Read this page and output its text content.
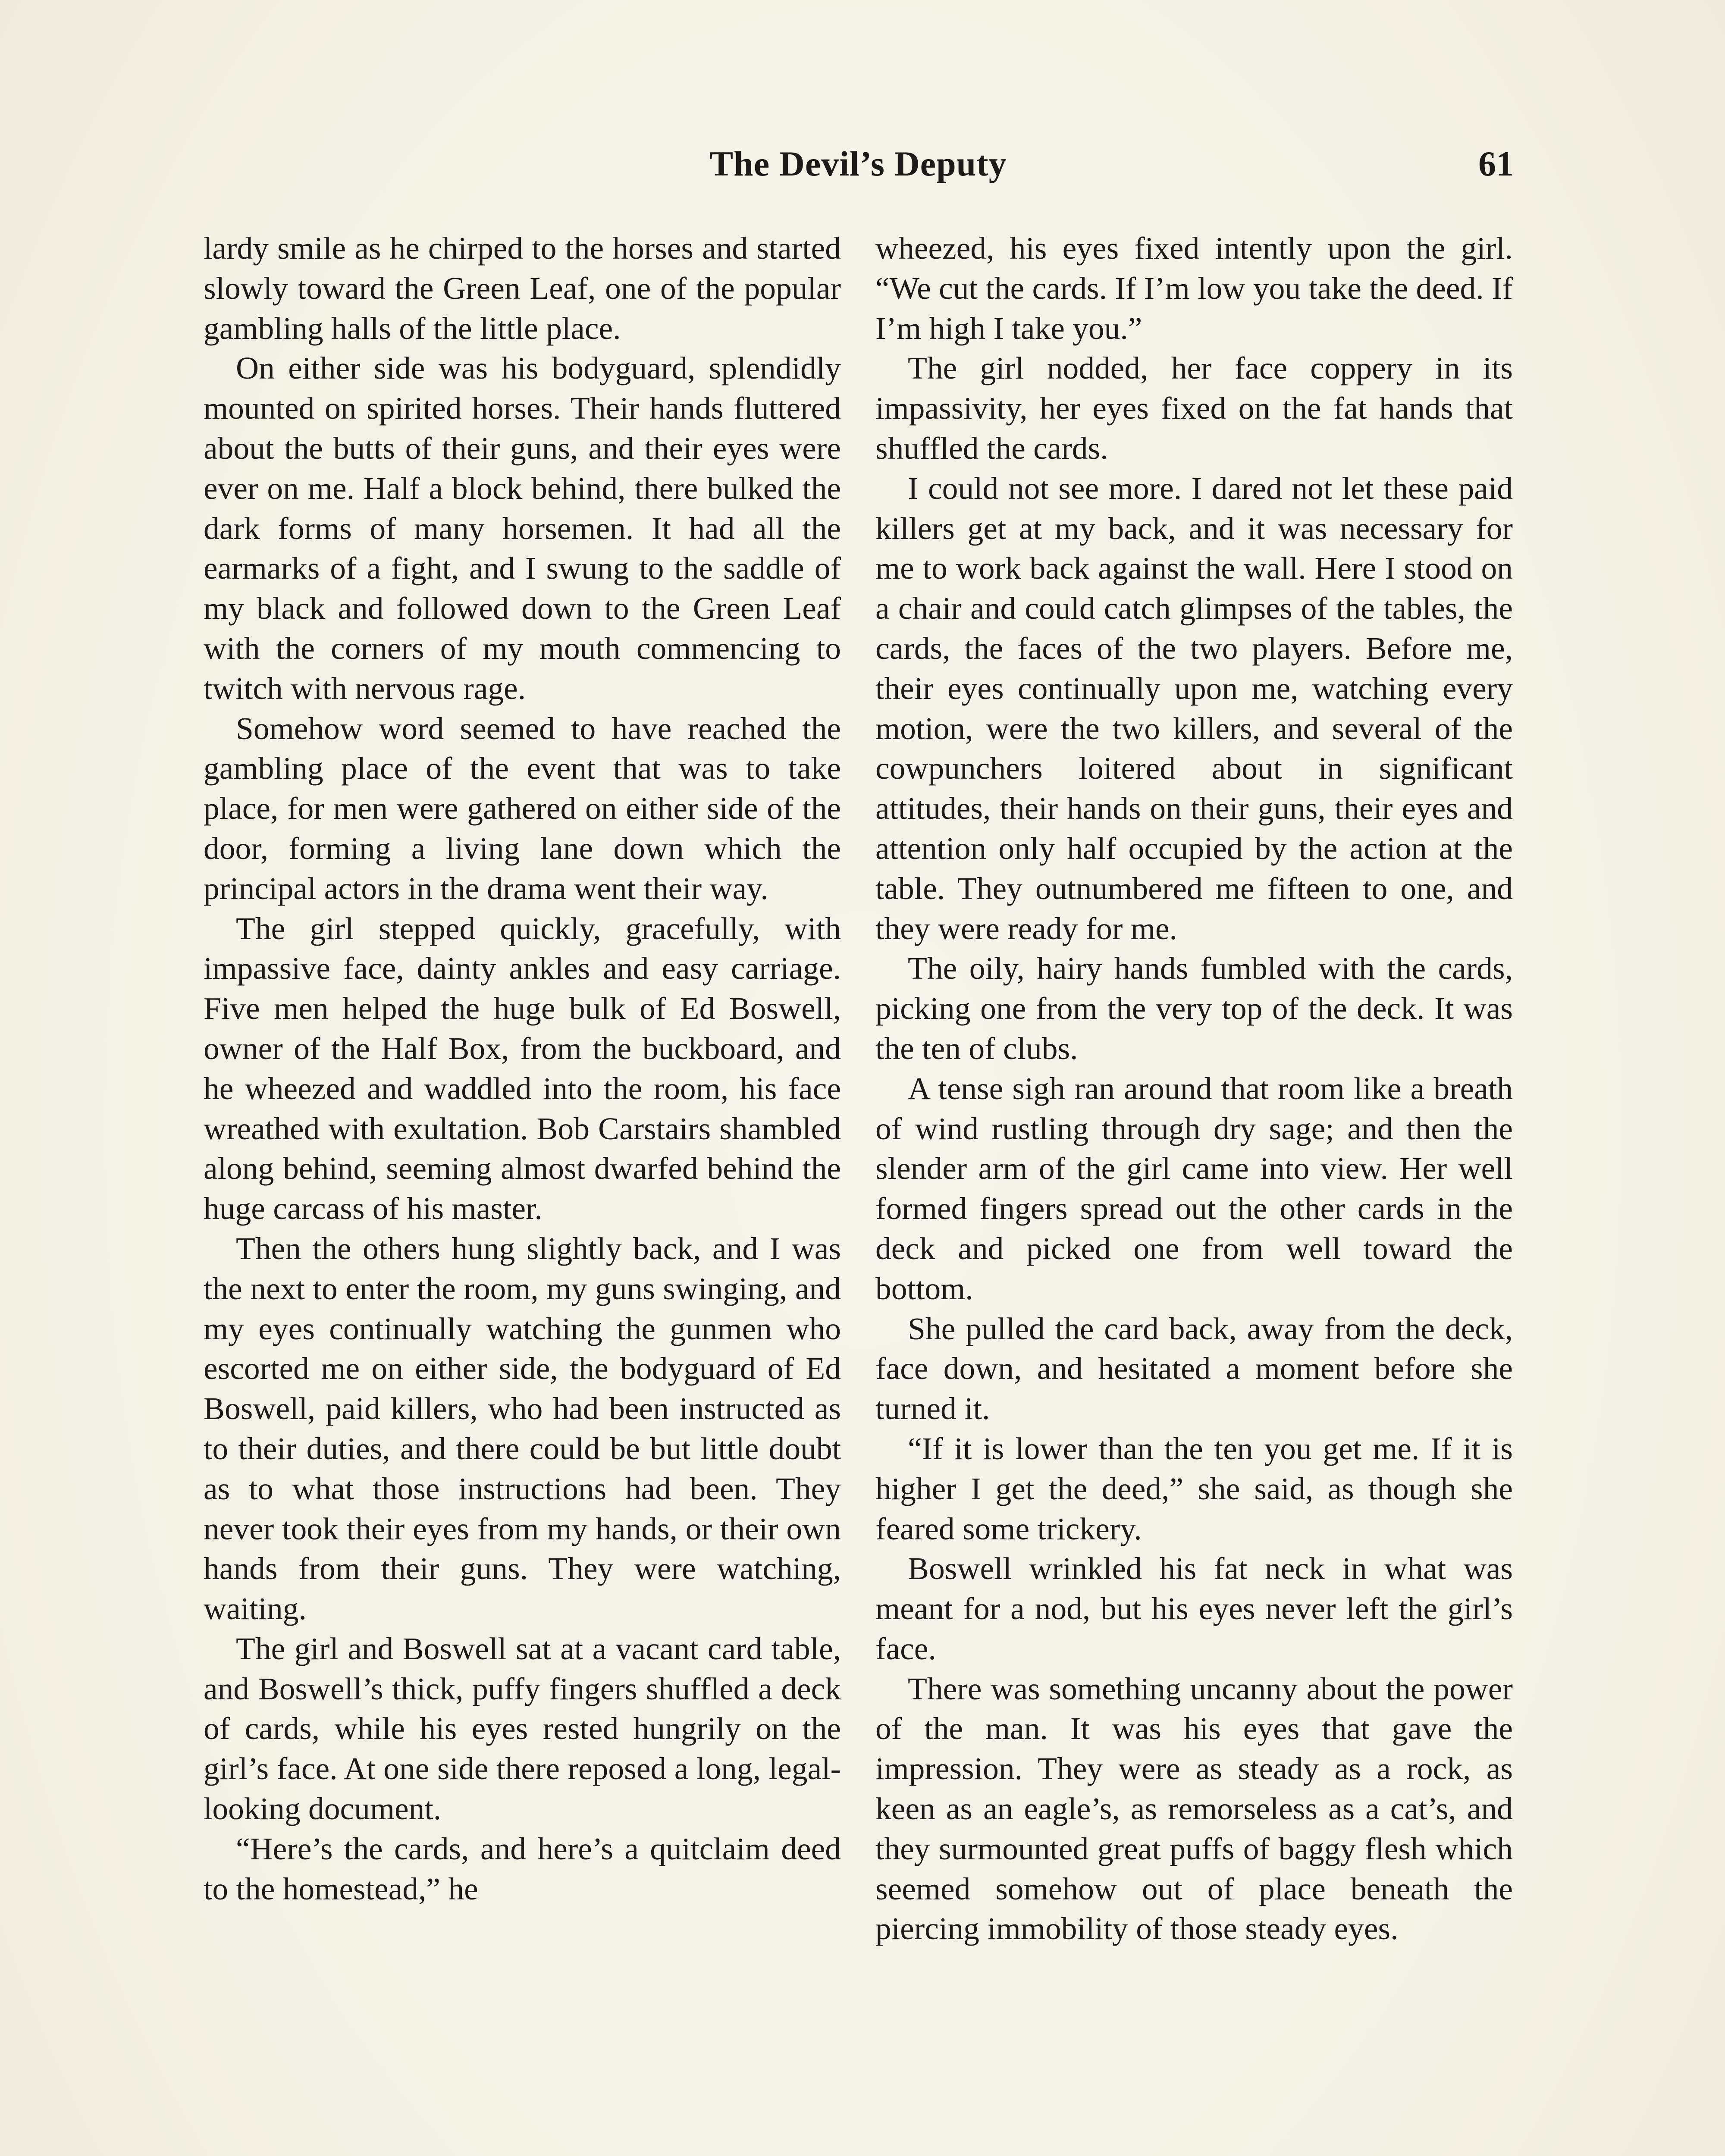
The Devil’s Deputy	61

lardy smile as he chirped to the horses and started slowly toward the Green Leaf, one of the popular gambling halls of the little place.

On either side was his bodyguard, splendidly mounted on spirited horses. Their hands fluttered about the butts of their guns, and their eyes were ever on me. Half a block behind, there bulked the dark forms of many horsemen. It had all the earmarks of a fight, and I swung to the saddle of my black and followed down to the Green Leaf with the corners of my mouth commencing to twitch with nervous rage.

Somehow word seemed to have reached the gambling place of the event that was to take place, for men were gathered on either side of the door, forming a living lane down which the principal actors in the drama went their way.

The girl stepped quickly, gracefully, with impassive face, dainty ankles and easy carriage. Five men helped the huge bulk of Ed Boswell, owner of the Half Box, from the buckboard, and he wheezed and waddled into the room, his face wreathed with exultation. Bob Carstairs shambled along behind, seeming almost dwarfed behind the huge carcass of his master.

Then the others hung slightly back, and I was the next to enter the room, my guns swinging, and my eyes continually watching the gunmen who escorted me on either side, the bodyguard of Ed Boswell, paid killers, who had been instructed as to their duties, and there could be but little doubt as to what those instructions had been. They never took their eyes from my hands, or their own hands from their guns. They were watching, waiting.

The girl and Boswell sat at a vacant card table, and Boswell’s thick, puffy fingers shuffled a deck of cards, while his eyes rested hungrily on the girl’s face. At one side there reposed a long, legal-looking document.

“Here’s the cards, and here’s a quitclaim deed to the homestead,” he

wheezed, his eyes fixed intently upon the girl. “We cut the cards. If I’m low you take the deed. If I’m high I take you.”

The girl nodded, her face coppery in its impassivity, her eyes fixed on the fat hands that shuffled the cards.

I could not see more. I dared not let these paid killers get at my back, and it was necessary for me to work back against the wall. Here I stood on a chair and could catch glimpses of the tables, the cards, the faces of the two players. Before me, their eyes continually upon me, watching every motion, were the two killers, and several of the cowpunchers loitered about in significant attitudes, their hands on their guns, their eyes and attention only half occupied by the action at the table. They outnumbered me fifteen to one, and they were ready for me.

The oily, hairy hands fumbled with the cards, picking one from the very top of the deck. It was the ten of clubs.

A tense sigh ran around that room like a breath of wind rustling through dry sage; and then the slender arm of the girl came into view. Her well formed fingers spread out the other cards in the deck and picked one from well toward the bottom.

She pulled the card back, away from the deck, face down, and hesitated a moment before she turned it.

“If it is lower than the ten you get me. If it is higher I get the deed,” she said, as though she feared some trickery.

Boswell wrinkled his fat neck in what was meant for a nod, but his eyes never left the girl’s face.

There was something uncanny about the power of the man. It was his eyes that gave the impression. They were as steady as a rock, as keen as an eagle’s, as remorseless as a cat’s, and they surmounted great puffs of baggy flesh which seemed somehow out of place beneath the piercing immobility of those steady eyes.
